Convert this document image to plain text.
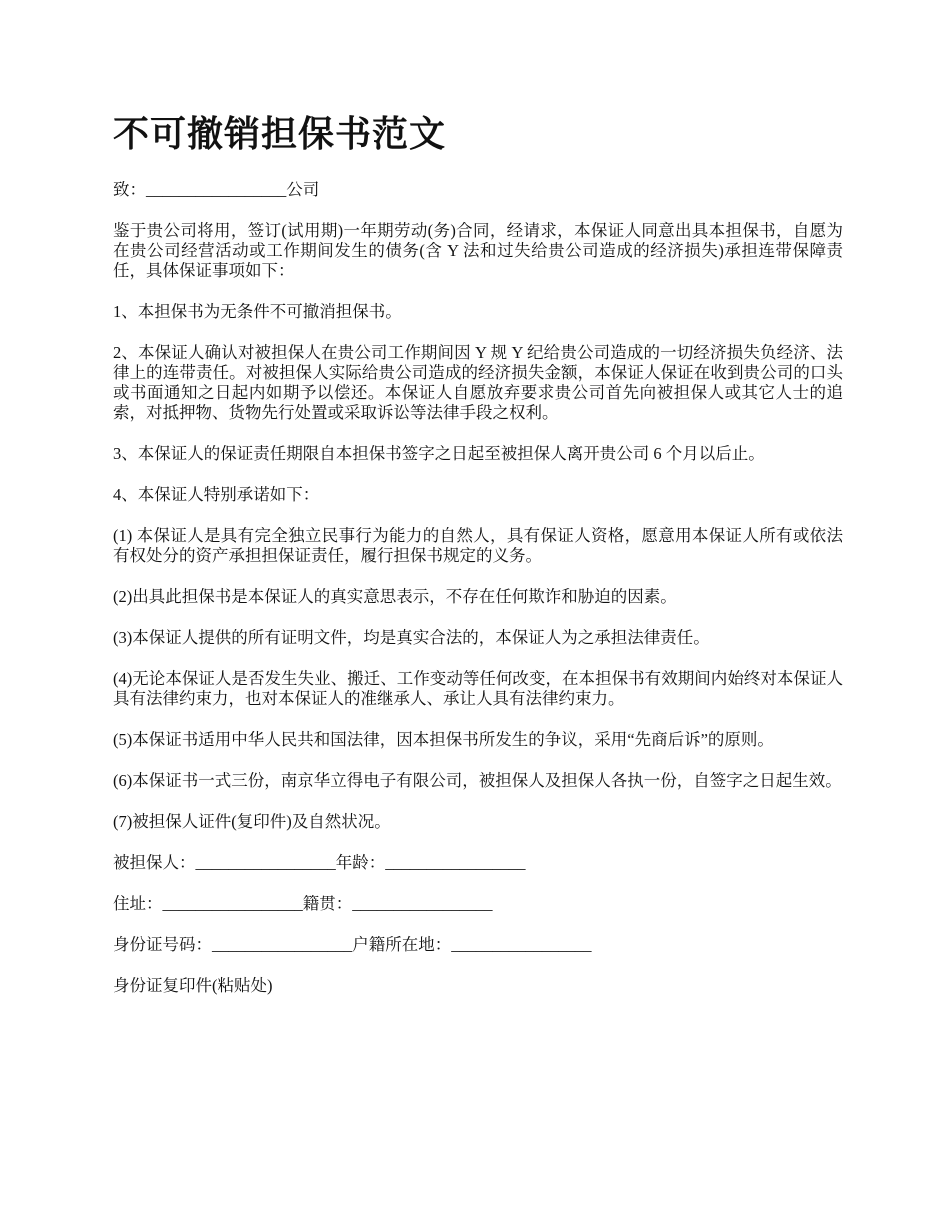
不可撤销担保书范文

致：_________________公司

鉴于贵公司将用，签订(试用期)一年期劳动(务)合同，经请求，本保证人同意出具本担保书，自愿为在贵公司经营活动或工作期间发生的债务(含 Y 法和过失给贵公司造成的经济损失)承担连带保障责任，具体保证事项如下：

1、本担保书为无条件不可撤消担保书。

2、本保证人确认对被担保人在贵公司工作期间因 Y 规 Y 纪给贵公司造成的一切经济损失负经济、法律上的连带责任。对被担保人实际给贵公司造成的经济损失金额，本保证人保证在收到贵公司的口头或书面通知之日起内如期予以偿还。本保证人自愿放弃要求贵公司首先向被担保人或其它人士的追索，对抵押物、货物先行处置或采取诉讼等法律手段之权利。

3、本保证人的保证责任期限自本担保书签字之日起至被担保人离开贵公司 6 个月以后止。

4、本保证人特别承诺如下：

(1) 本保证人是具有完全独立民事行为能力的自然人，具有保证人资格，愿意用本保证人所有或依法有权处分的资产承担担保证责任，履行担保书规定的义务。

(2)出具此担保书是本保证人的真实意思表示，不存在任何欺诈和胁迫的因素。

(3)本保证人提供的所有证明文件，均是真实合法的，本保证人为之承担法律责任。

(4)无论本保证人是否发生失业、搬迁、工作变动等任何改变，在本担保书有效期间内始终对本保证人具有法律约束力，也对本保证人的准继承人、承让人具有法律约束力。

(5)本保证书适用中华人民共和国法律，因本担保书所发生的争议，采用“先商后诉”的原则。

(6)本保证书一式三份，南京华立得电子有限公司，被担保人及担保人各执一份，自签字之日起生效。

(7)被担保人证件(复印件)及自然状况。

被担保人：_________________年龄：_________________

住址：_________________籍贯：_________________

身份证号码：_________________户籍所在地：_________________

身份证复印件(粘贴处)
